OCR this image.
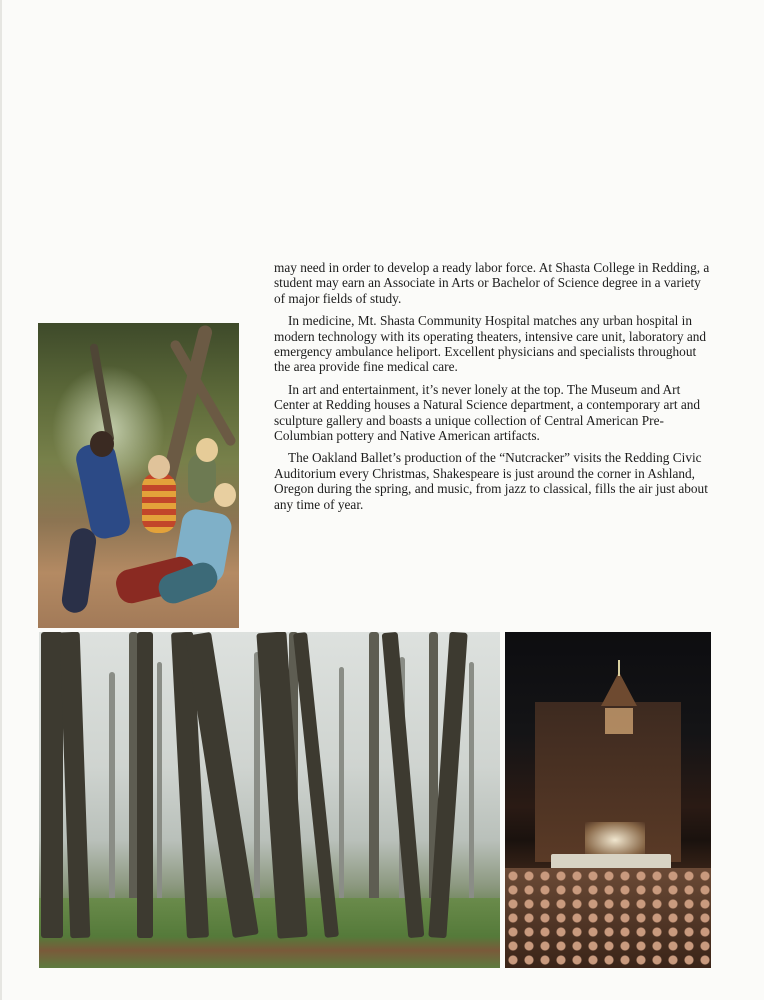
may need in order to develop a ready labor force. At Shasta College in Redding, a student may earn an Associate in Arts or Bachelor of Science degree in a variety of major fields of study.

In medicine, Mt. Shasta Community Hospital matches any urban hospital in modern technology with its operating theaters, intensive care unit, laboratory and emergency ambulance heliport. Excellent physicians and specialists throughout the area provide fine medical care.

In art and entertainment, it’s never lonely at the top. The Museum and Art Center at Redding houses a Natural Science department, a contemporary art and sculpture gallery and boasts a unique collection of Central American Pre-Columbian pottery and Native American artifacts.

The Oakland Ballet’s production of the “Nutcracker” visits the Redding Civic Auditorium every Christmas, Shakespeare is just around the corner in Ashland, Oregon during the spring, and music, from jazz to classical, fills the air just about any time of year.
